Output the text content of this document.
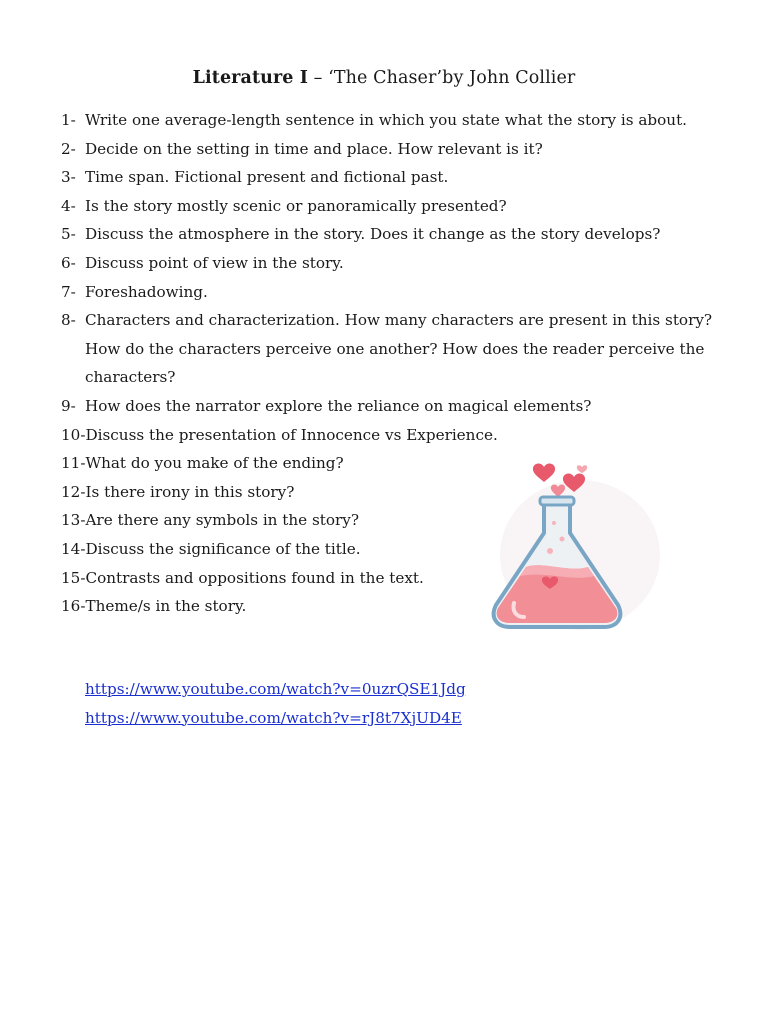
Literature I – ‘The Chaser’by John Collier
1- Write one average-length sentence in which you state what the story is about.
2- Decide on the setting in time and place. How relevant is it?
3- Time span. Fictional present and fictional past.
4- Is the story mostly scenic or panoramically presented?
5- Discuss the atmosphere in the story. Does it change as the story develops?
6- Discuss point of view in the story.
7- Foreshadowing.
8- Characters and characterization. How many characters are present in this story? How do the characters perceive one another? How does the reader perceive the characters?
9- How does the narrator explore the reliance on magical elements?
10- Discuss the presentation of Innocence vs Experience.
11- What do you make of the ending?
12- Is there irony in this story?
13- Are there any symbols in the story?
14- Discuss the significance of the title.
15- Contrasts and oppositions found in the text.
16- Theme/s in the story.
https://www.youtube.com/watch?v=0uzrQSE1Jdg
https://www.youtube.com/watch?v=rJ8t7XjUD4E
